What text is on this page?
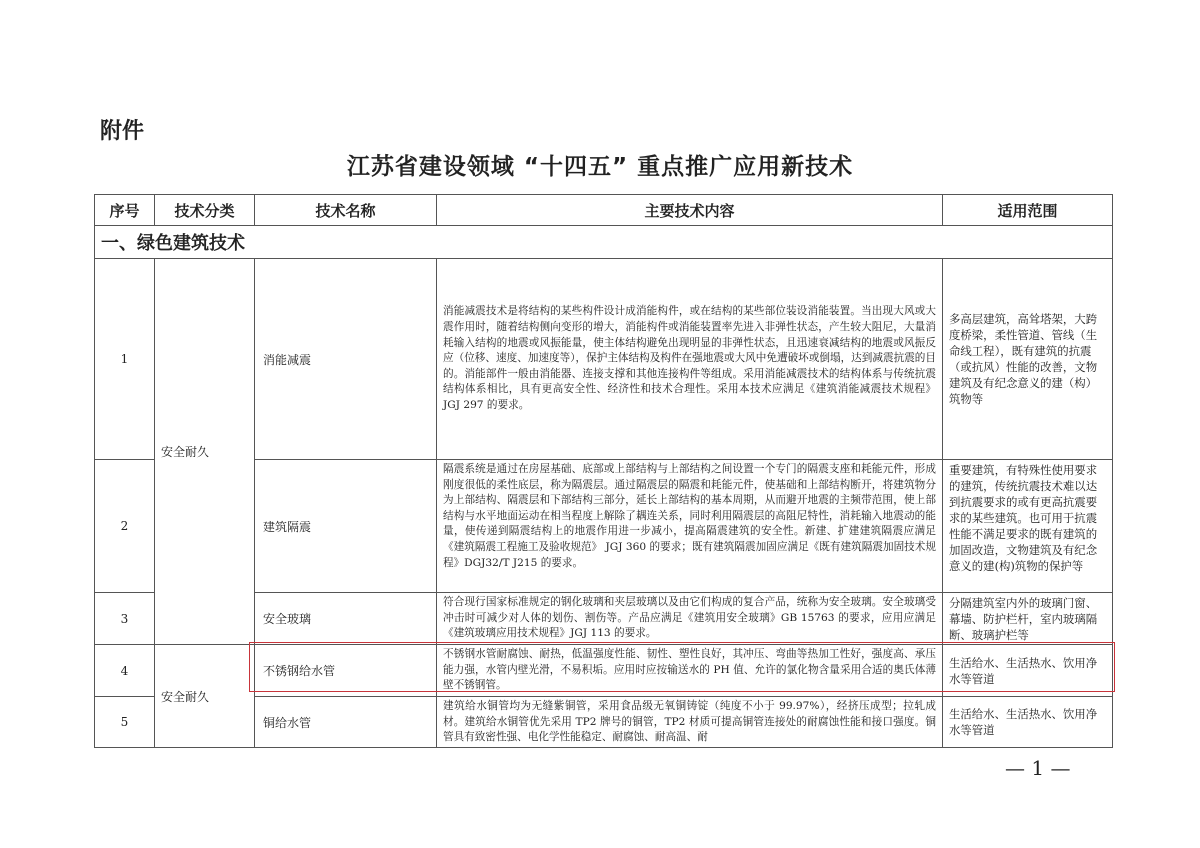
附件
江苏省建设领域 “十四五” 重点推广应用新技术
序号	技术分类	技术名称	主要技术内容	适用范围
一、绿色建筑技术				
1	安全耐久	消能减震	消能减震技术是将结构的某些构件设计成消能构件，或在结构的某些部位装设消能装置。当出现大风或大震作用时，随着结构侧向变形的增大，消能构件或消能装置率先进入非弹性状态，产生较大阻尼，大量消耗输入结构的地震或风振能量，使主体结构避免出现明显的非弹性状态，且迅速衰减结构的地震或风振反应（位移、速度、加速度等），保护主体结构及构件在强地震或大风中免遭破坏或倒塌，达到减震抗震的目的。消能部件一般由消能器、连接支撑和其他连接构件等组成。采用消能减震技术的结构体系与传统抗震结构体系相比，具有更高安全性、经济性和技术合理性。采用本技术应满足《建筑消能减震技术规程》JGJ 297 的要求。	多高层建筑，高耸塔架，大跨度桥梁，柔性管道、管线（生命线工程），既有建筑的抗震（或抗风）性能的改善，文物建筑及有纪念意义的建（构）筑物等
2		建筑隔震	隔震系统是通过在房屋基础、底部或上部结构与上部结构之间设置一个专门的隔震支座和耗能元件，形成刚度很低的柔性底层，称为隔震层。通过隔震层的隔震和耗能元件，使基础和上部结构断开，将建筑物分为上部结构、隔震层和下部结构三部分，延长上部结构的基本周期，从而避开地震的主频带范围，使上部结构与水平地面运动在相当程度上解除了耦连关系，同时利用隔震层的高阻尼特性，消耗输入地震动的能量，使传递到隔震结构上的地震作用进一步减小，提高隔震建筑的安全性。新建、扩建建筑隔震应满足《建筑隔震工程施工及验收规范》 JGJ 360 的要求；既有建筑隔震加固应满足《既有建筑隔震加固技术规程》DGJ32/T J215 的要求。	重要建筑，有特殊性使用要求的建筑，传统抗震技术难以达到抗震要求的或有更高抗震要求的某些建筑。也可用于抗震性能不满足要求的既有建筑的加固改造，文物建筑及有纪念意义的建(构)筑物的保护等

3		安全玻璃	符合现行国家标准规定的钢化玻璃和夹层玻璃以及由它们构成的复合产品，统称为安全玻璃。安全玻璃受冲击时可减少对人体的划伤、割伤等。产品应满足《建筑用安全玻璃》GB 15763 的要求，应用应满足《建筑玻璃应用技术规程》JGJ 113 的要求。	分隔建筑室内外的玻璃门窗、幕墙、防护栏杆，室内玻璃隔断、玻璃护栏等

4	安全耐久	不锈钢给水管	不锈钢水管耐腐蚀、耐热，低温强度性能、韧性、塑性良好，其冲压、弯曲等热加工性好，强度高、承压能力强，水管内壁光滑，不易积垢。应用时应按输送水的 PH 值、允许的氯化物含量采用合适的奥氏体薄壁不锈钢管。	生活给水、生活热水、饮用净水等管道
5		铜给水管	建筑给水铜管均为无缝紫铜管，采用食品级无氧铜铸锭（纯度不小于 99.97%），经挤压成型；拉轧成材。建筑给水铜管优先采用 TP2 牌号的铜管，TP2 材质可提高铜管连接处的耐腐蚀性能和接口强度。铜管具有致密性强、电化学性能稳定、耐腐蚀、耐高温、耐	生活给水、生活热水、饮用净水等管道
— 1 —
